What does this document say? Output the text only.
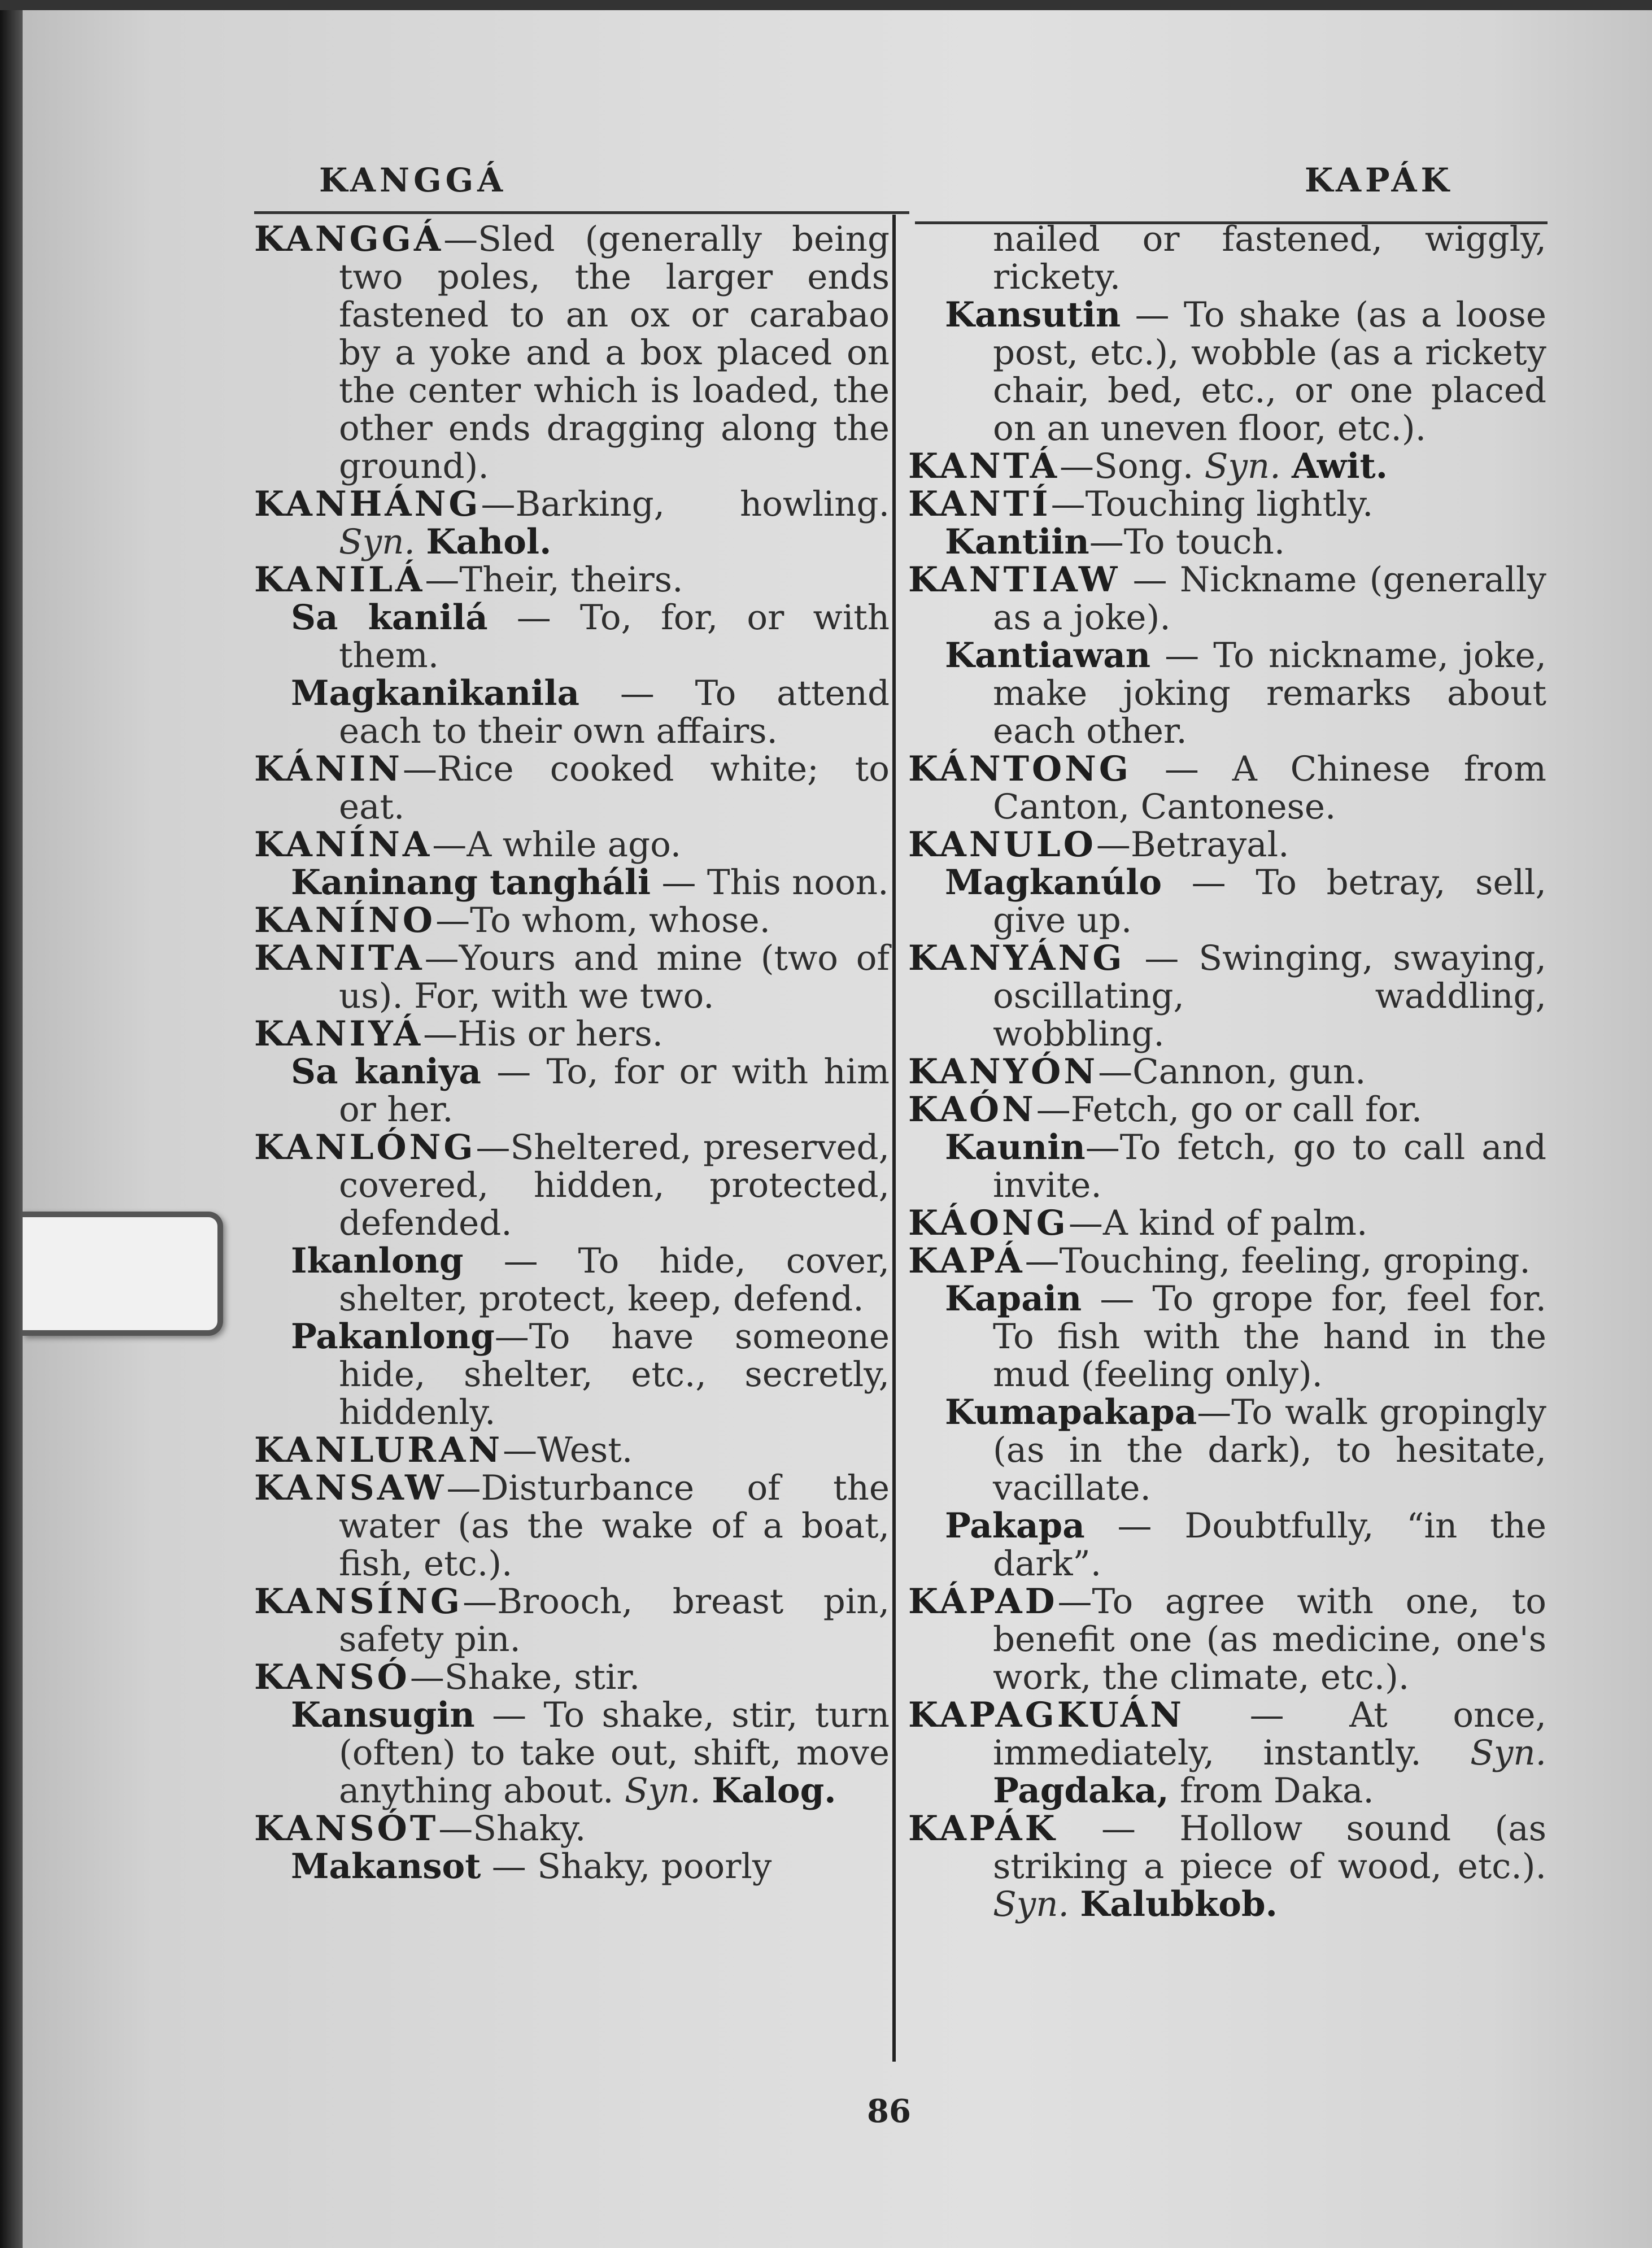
KANGGÁ	KAPÁK

KANGGÁ—Sled (generally being two poles, the larger ends fastened to an ox or carabao by a yoke and a box placed on the center which is loaded, the other ends dragging along the ground).

KANHÁNG—Barking, howling. Syn. Kahol.

KANILÁ—Their, theirs.

Sa kanilá — To, for, or with them.

Magkanikanila — To attend each to their own affairs.

KÁNIN—Rice cooked white; to eat.

KANÍNA—A while ago.

Kaninang tangháli — This noon.

KANÍNO—To whom, whose.

KANITA—Yours and mine (two of us). For, with we two.

KANIYÁ—His or hers.

Sa kaniya — To, for or with him or her.

KANLÓNG—Sheltered, preserved, covered, hidden, protected, defended.

Ikanlong — To hide, cover, shelter, protect, keep, defend.

Pakanlong—To have someone hide, shelter, etc., secretly, hiddenly.

KANLURAN—West.

KANSAW—Disturbance of the water (as the wake of a boat, fish, etc.).

KANSÍNG—Brooch, breast pin, safety pin.

KANSÓ—Shake, stir.

Kansugin — To shake, stir, turn (often) to take out, shift, move anything about. Syn. Kalog.

KANSÓT—Shaky.

Makansot — Shaky, poorly

nailed or fastened, wiggly, rickety.

Kansutin — To shake (as a loose post, etc.), wobble (as a rickety chair, bed, etc., or one placed on an uneven floor, etc.).

KANTÁ—Song. Syn. Awit.

KANTÍ—Touching lightly.

Kantiin—To touch.

KANTIAW — Nickname (generally as a joke).

Kantiawan — To nickname, joke, make joking remarks about each other.

KÁNTONG — A Chinese from Canton, Cantonese.

KANULO—Betrayal.

Magkanúlo — To betray, sell, give up.

KANYÁNG — Swinging, swaying, oscillating, waddling, wobbling.

KANYÓN—Cannon, gun.

KAÓN—Fetch, go or call for.

Kaunin—To fetch, go to call and invite.

KÁONG—A kind of palm.

KAPÁ—Touching, feeling, groping.

Kapain — To grope for, feel for. To fish with the hand in the mud (feeling only).

Kumapakapa—To walk gropingly (as in the dark), to hesitate, vacillate.

Pakapa — Doubtfully, “in the dark”.

KÁPAD—To agree with one, to benefit one (as medicine, one's work, the climate, etc.).

KAPAGKUÁN — At once, immediately, instantly. Syn. Pagdaka, from Daka.

KAPÁK — Hollow sound (as striking a piece of wood, etc.). Syn. Kalubkob.

86
